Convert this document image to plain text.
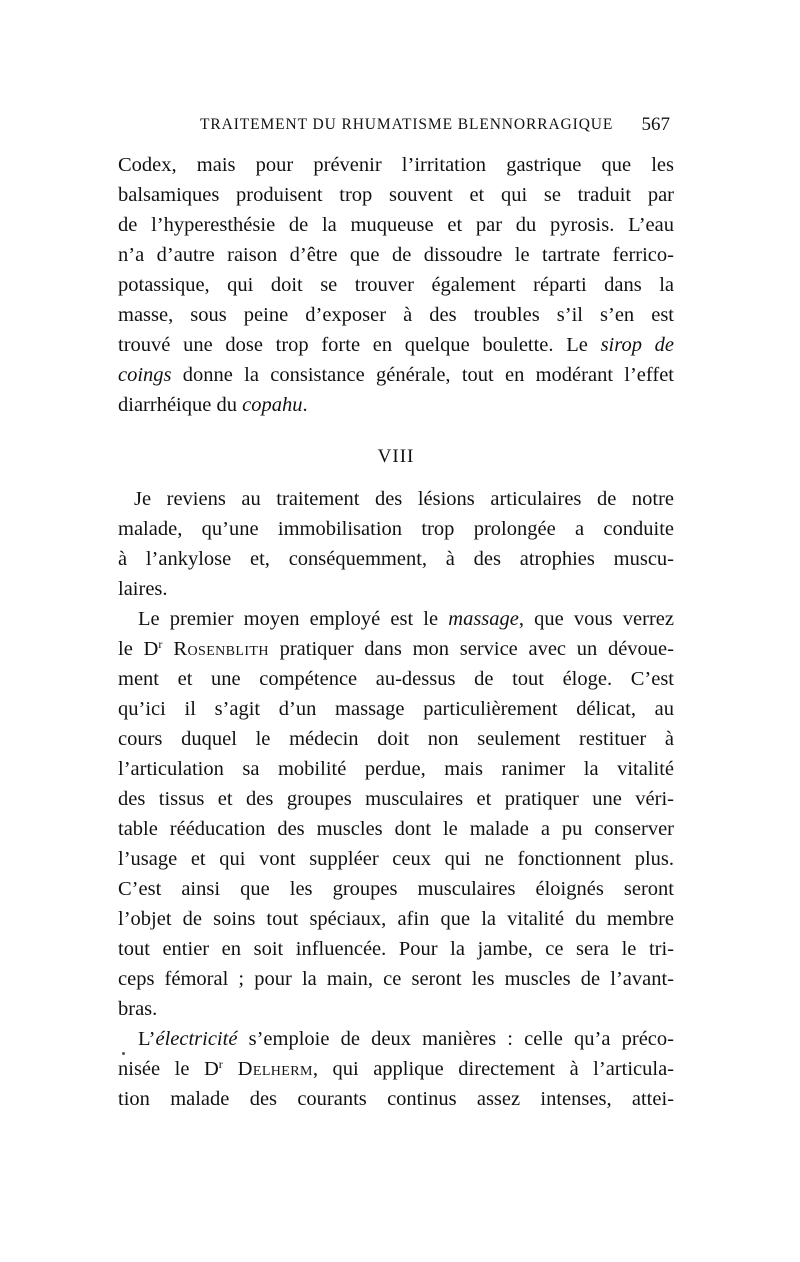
TRAITEMENT DU RHUMATISME BLENNORRAGIQUE 567
Codex, mais pour prévenir l’irritation gastrique que les
balsamiques produisent trop souvent et qui se traduit par
de l’hyperesthésie de la muqueuse et par du pyrosis. L’eau
n’a d’autre raison d’être que de dissoudre le tartrate ferrico-
potassique, qui doit se trouver également réparti dans la
masse, sous peine d’exposer à des troubles s’il s’en est
trouvé une dose trop forte en quelque boulette. Le sirop de
coings donne la consistance générale, tout en modérant l’effet
diarrhéique du copahu.
VIII
Je reviens au traitement des lésions articulaires de notre
malade, qu’une immobilisation trop prolongée a conduite
à l’ankylose et, conséquemment, à des atrophies muscu-
laires.
Le premier moyen employé est le massage, que vous verrez
le $D^r$ Rosenblith pratiquer dans mon service avec un dévoue-
ment et une compétence au-dessus de tout éloge. C’est
qu’ici il s’agit d’un massage particulièrement délicat, au
cours duquel le médecin doit non seulement restituer à
l’articulation sa mobilité perdue, mais ranimer la vitalité
des tissus et des groupes musculaires et pratiquer une véri-
table rééducation des muscles dont le malade a pu conserver
l’usage et qui vont suppléer ceux qui ne fonctionnent plus.
C’est ainsi que les groupes musculaires éloignés seront
l’objet de soins tout spéciaux, afin que la vitalité du membre
tout entier en soit influencée. Pour la jambe, ce sera le tri-
ceps fémoral ; pour la main, ce seront les muscles de l’avant-
bras.
L’électricité s’emploie de deux manières : celle qu’a préco-
nisée le $D^r$ Delherm, qui applique directement à l’articula-
tion malade des courants continus assez intenses, attei-
